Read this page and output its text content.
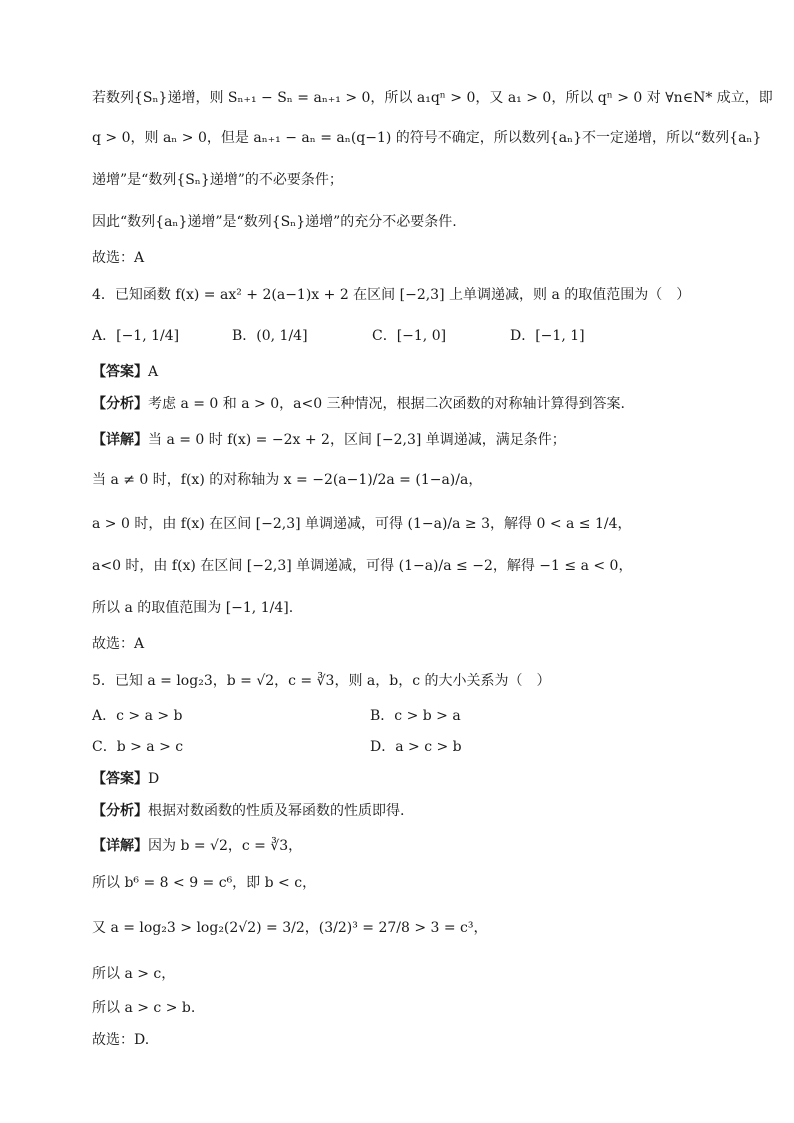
若数列{Sₙ}递增，则 Sₙ₊₁ − Sₙ = aₙ₊₁ > 0，所以 a₁qⁿ > 0，又 a₁ > 0，所以 qⁿ > 0 对 ∀n∈N* 成立，即
q > 0，则 aₙ > 0，但是 aₙ₊₁ − aₙ = aₙ(q−1) 的符号不确定，所以数列{aₙ}不一定递增，所以“数列{aₙ}
递增”是“数列{Sₙ}递增”的不必要条件；
因此“数列{aₙ}递增”是“数列{Sₙ}递增”的充分不必要条件.
故选：A
4．已知函数 f(x) = ax² + 2(a−1)x + 2 在区间 [−2,3] 上单调递减，则 a 的取值范围为（　）
A．[−1, 1/4]	B．(0, 1/4]	C．[−1, 0]	D．[−1, 1]
【答案】A
【分析】考虑 a = 0 和 a > 0，a<0 三种情况，根据二次函数的对称轴计算得到答案.
【详解】当 a = 0 时 f(x) = −2x + 2，区间 [−2,3] 单调递减，满足条件；
当 a ≠ 0 时，f(x) 的对称轴为 x = −2(a−1)/2a = (1−a)/a，
a > 0 时，由 f(x) 在区间 [−2,3] 单调递减，可得 (1−a)/a ≥ 3，解得 0 < a ≤ 1/4，
a<0 时，由 f(x) 在区间 [−2,3] 单调递减，可得 (1−a)/a ≤ −2，解得 −1 ≤ a < 0，
所以 a 的取值范围为 [−1, 1/4].
故选：A
5．已知 a = log₂3，b = √2，c = ∛3，则 a，b，c 的大小关系为（　）
A．c > a > b	B．c > b > a
C．b > a > c	D．a > c > b
【答案】D
【分析】根据对数函数的性质及幂函数的性质即得.
【详解】因为 b = √2，c = ∛3，
所以 b⁶ = 8 < 9 = c⁶，即 b < c，
又 a = log₂3 > log₂(2√2) = 3/2，(3/2)³ = 27/8 > 3 = c³，
所以 a > c，
所以 a > c > b.
故选：D.
